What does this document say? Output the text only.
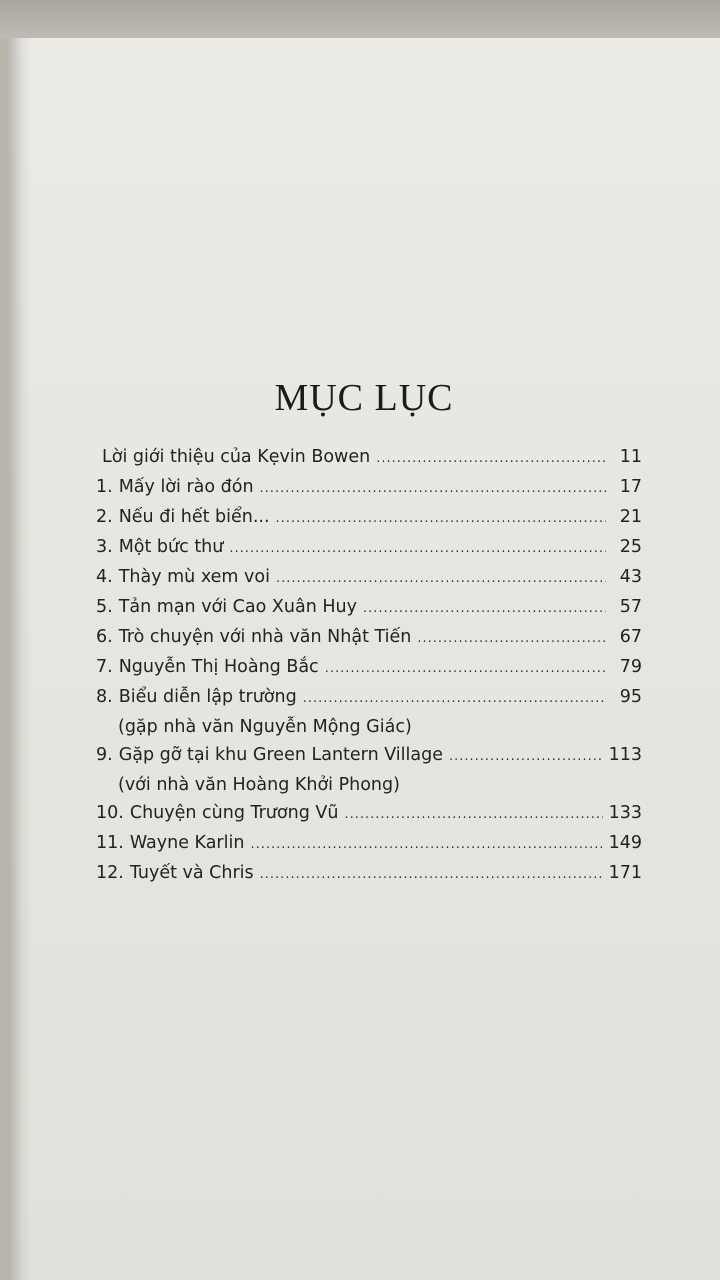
MỤC LỤC
Lời giới thiệu của Kẹvin Bowen .....	11
1. Mấy lời rào đón .....	17
2. Nếu đi hết biển... .....	21
3. Một bức thư .....	25
4. Thày mù xem voi .....	43
5. Tản mạn với Cao Xuân Huy .....	57
6. Trò chuyện với nhà văn Nhật Tiến .....	67
7. Nguyễn Thị Hoàng Bắc .....	79
8. Biểu diễn lập trường .....	95
(gặp nhà văn Nguyễn Mộng Giác)
9. Gặp gỡ tại khu Green Lantern Village .....	113
(với nhà văn Hoàng Khởi Phong)
10. Chuyện cùng Trương Vũ .....	133
11. Wayne Karlin .....	149
12. Tuyết và Chris .....	171
